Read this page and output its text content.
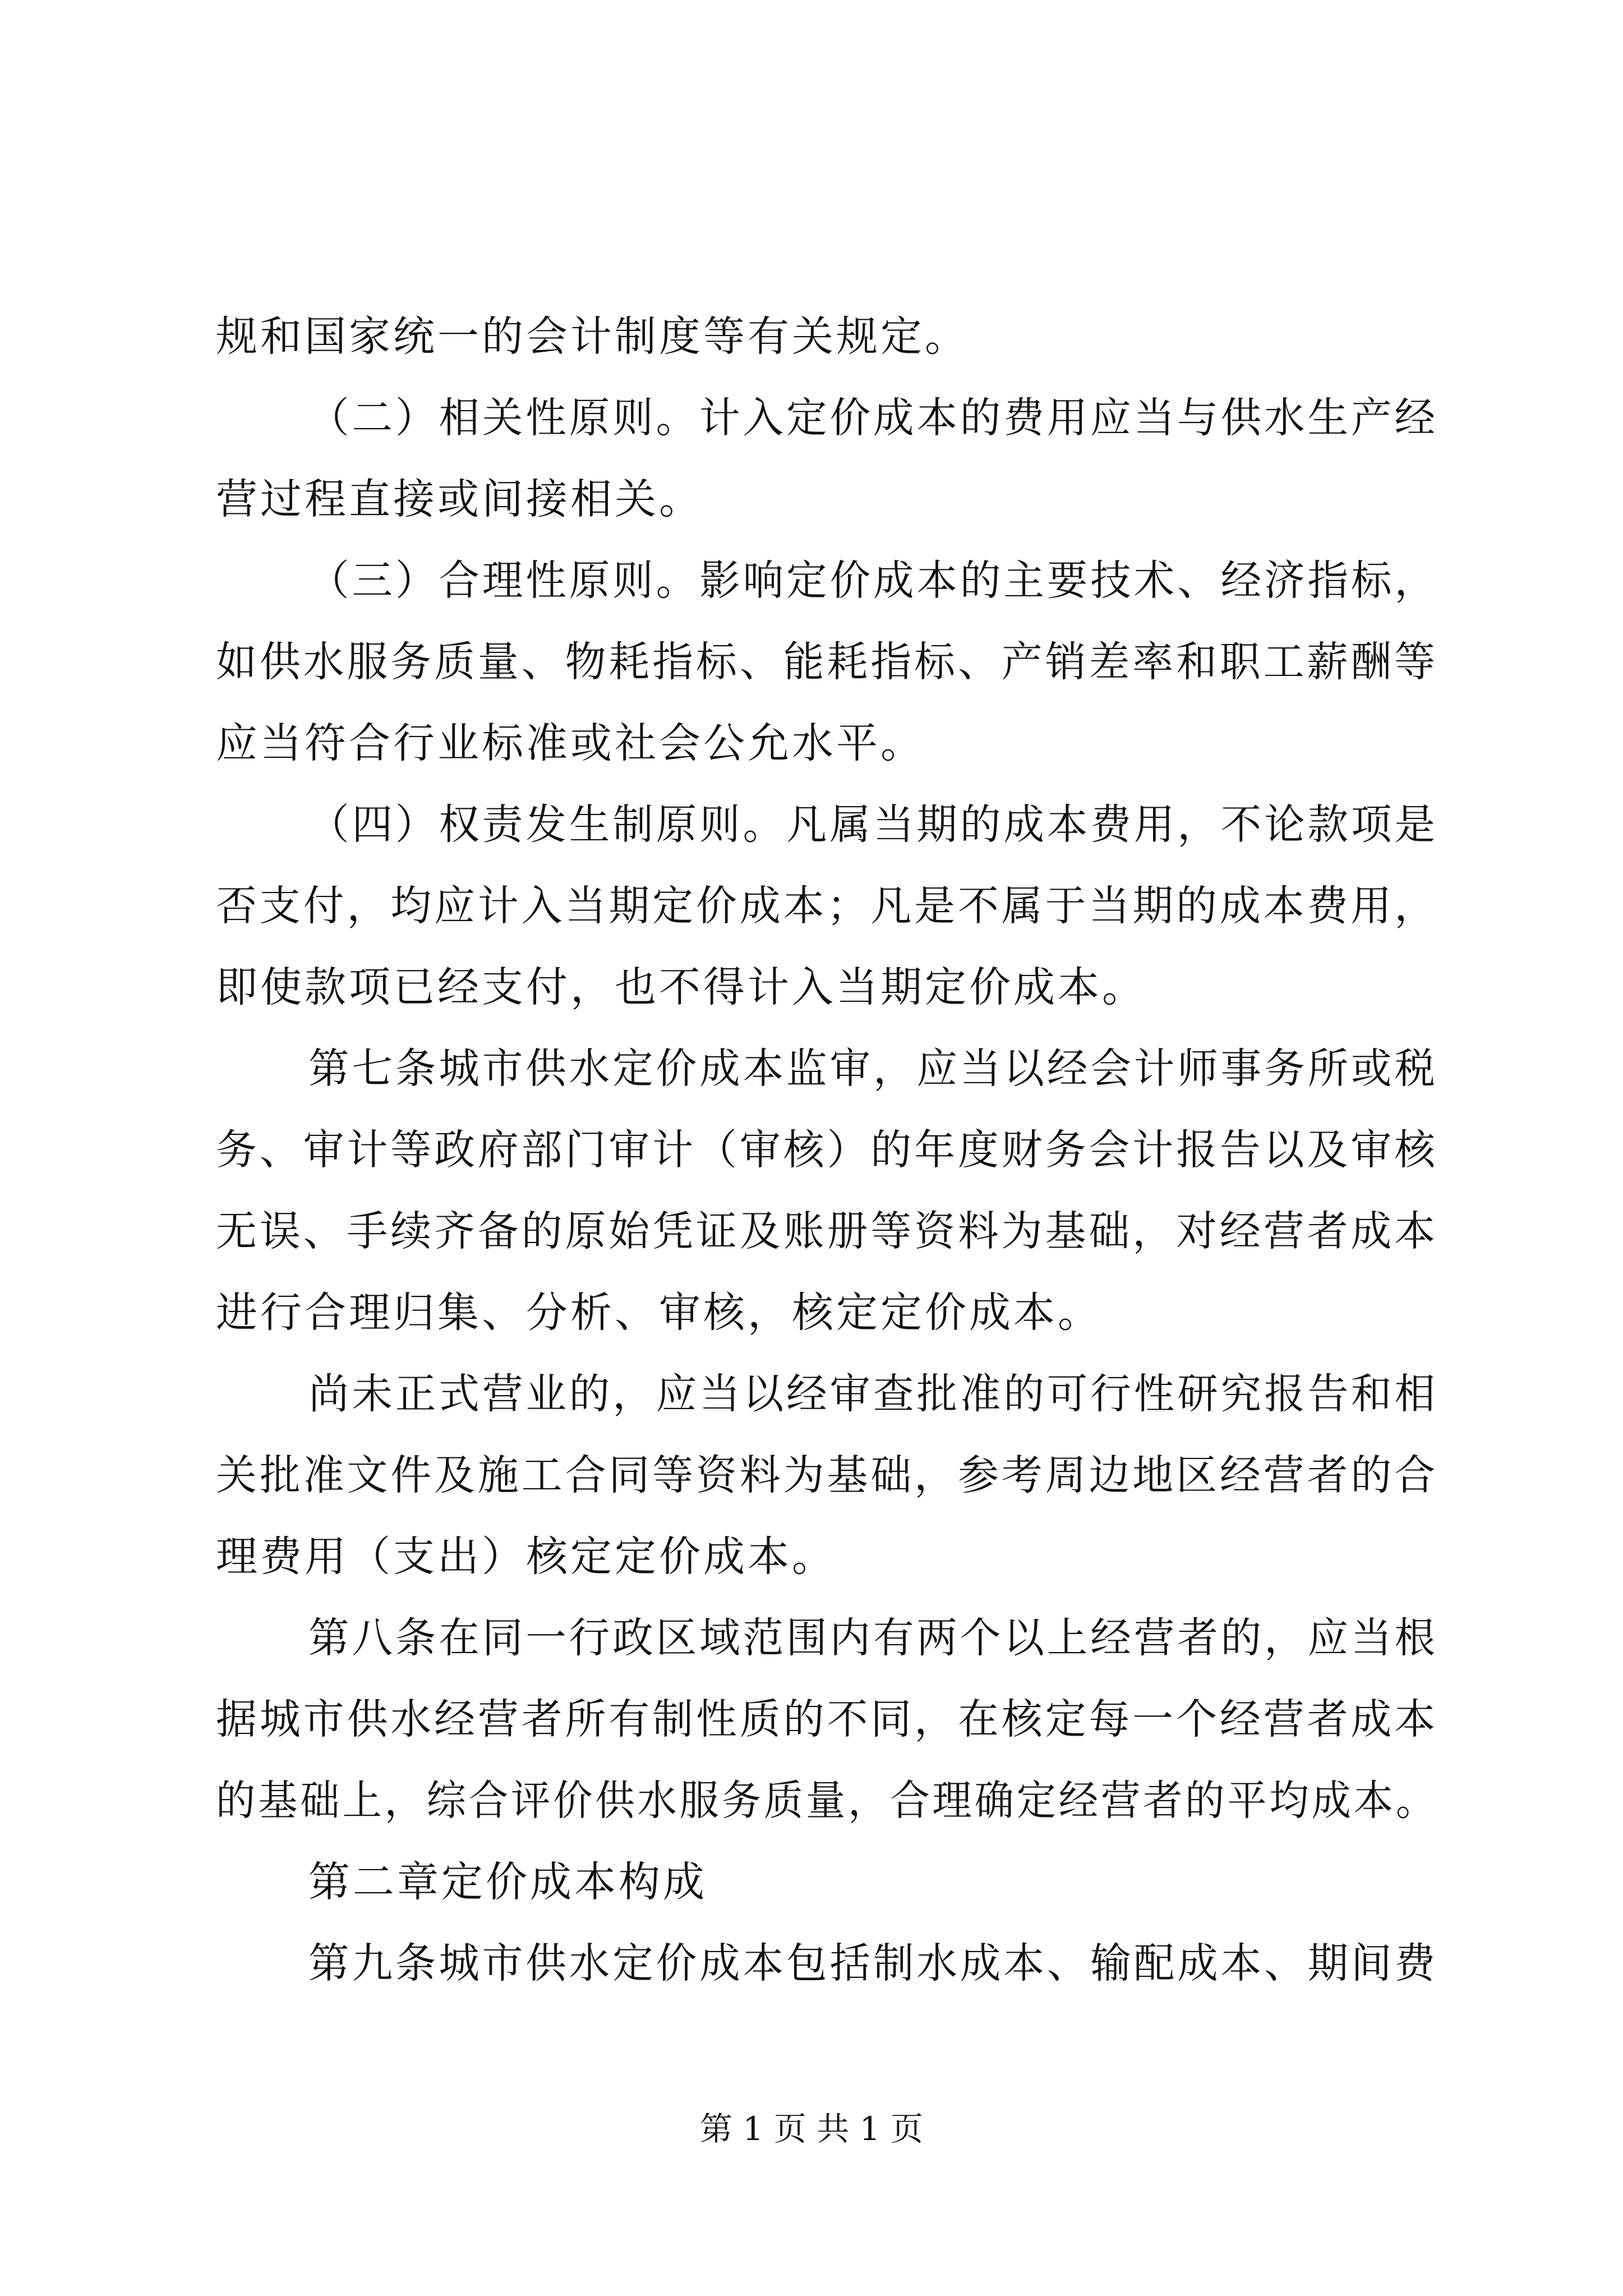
规和国家统一的会计制度等有关规定。
（二）相关性原则。计入定价成本的费用应当与供水生产经
营过程直接或间接相关。
（三）合理性原则。影响定价成本的主要技术、经济指标，
如供水服务质量、物耗指标、能耗指标、产销差率和职工薪酬等
应当符合行业标准或社会公允水平。
（四）权责发生制原则。凡属当期的成本费用，不论款项是
否支付，均应计入当期定价成本；凡是不属于当期的成本费用，
即使款项已经支付，也不得计入当期定价成本。
第七条城市供水定价成本监审，应当以经会计师事务所或税
务、审计等政府部门审计（审核）的年度财务会计报告以及审核
无误、手续齐备的原始凭证及账册等资料为基础，对经营者成本
进行合理归集、分析、审核，核定定价成本。
尚未正式营业的，应当以经审查批准的可行性研究报告和相
关批准文件及施工合同等资料为基础，参考周边地区经营者的合
理费用（支出）核定定价成本。
第八条在同一行政区域范围内有两个以上经营者的，应当根
据城市供水经营者所有制性质的不同，在核定每一个经营者成本
的基础上，综合评价供水服务质量，合理确定经营者的平均成本。
第二章定价成本构成
第九条城市供水定价成本包括制水成本、输配成本、期间费
第 1 页 共 1 页
